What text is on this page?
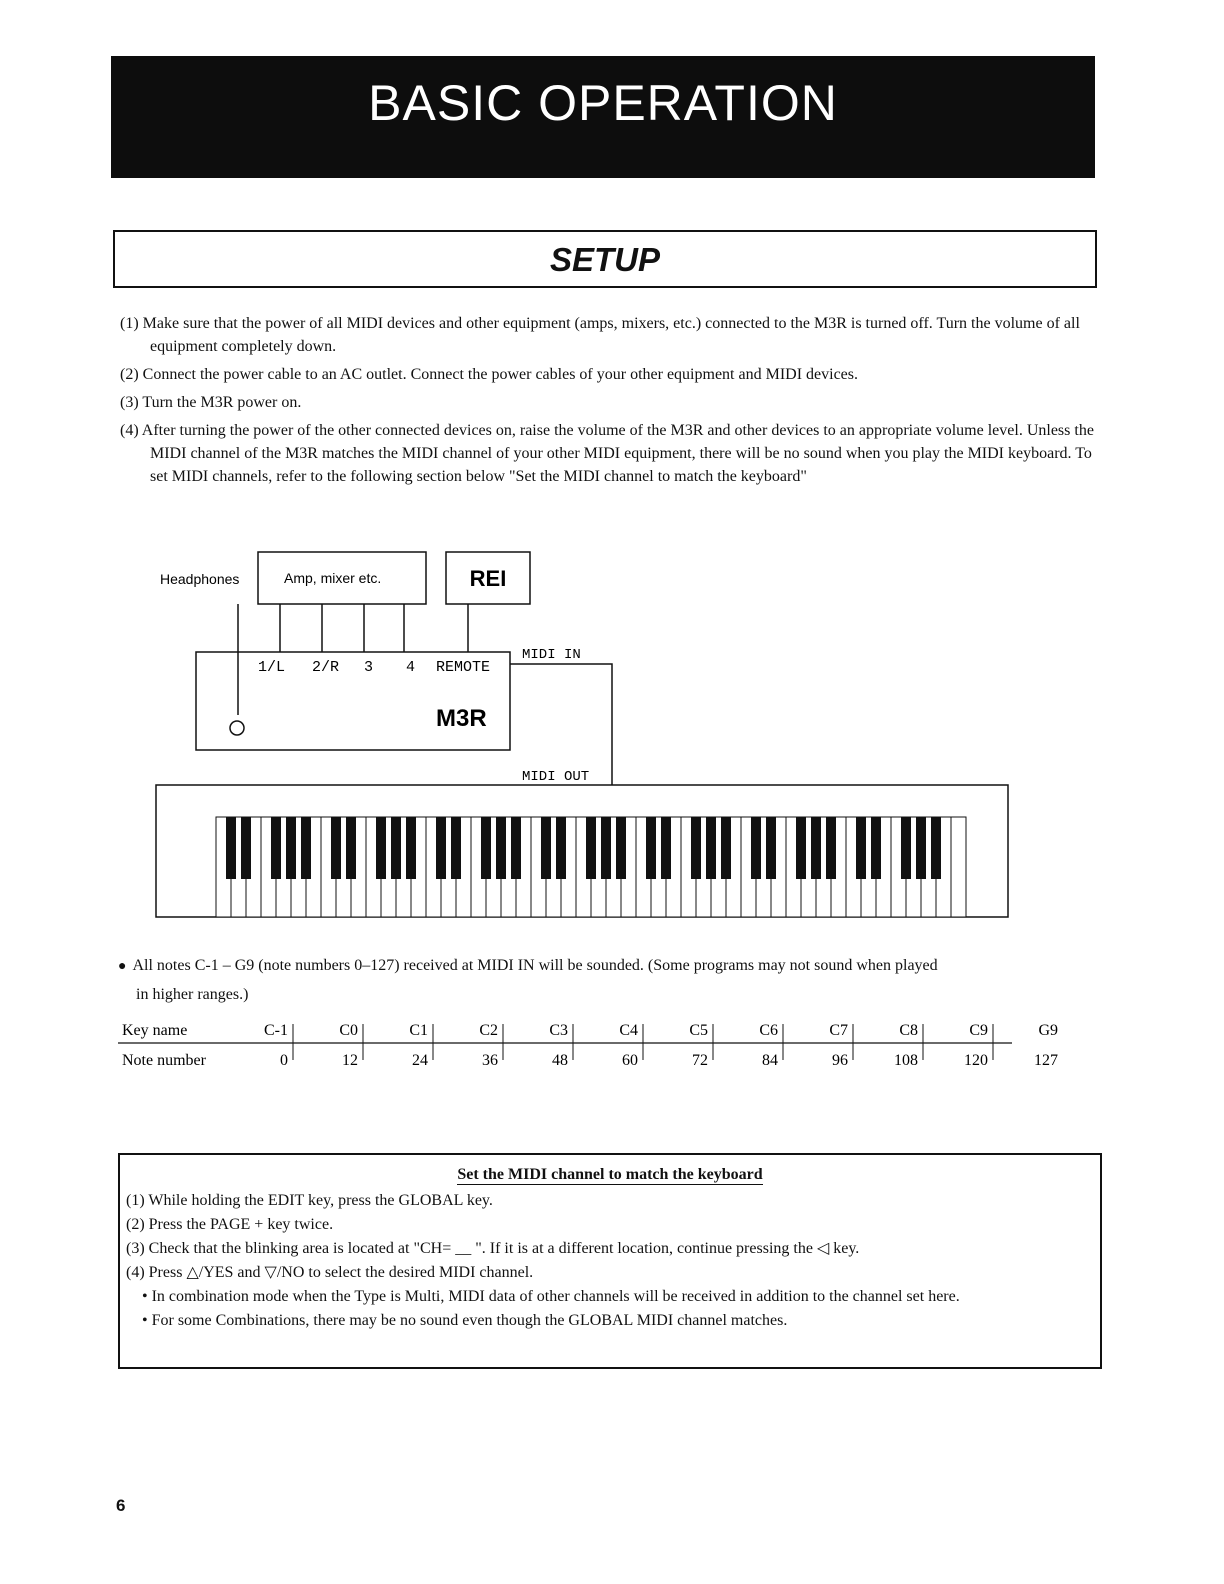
BASIC OPERATION
SETUP
(1) Make sure that the power of all MIDI devices and other equipment (amps, mixers, etc.) connected to the M3R is turned off. Turn the volume of all equipment completely down.
(2) Connect the power cable to an AC outlet. Connect the power cables of your other equipment and MIDI devices.
(3) Turn the M3R power on.
(4) After turning the power of the other connected devices on, raise the volume of the M3R and other devices to an appropriate volume level. Unless the MIDI channel of the M3R matches the MIDI channel of your other MIDI equipment, there will be no sound when you play the MIDI keyboard. To set MIDI channels, refer to the following section below "Set the MIDI channel to match the keyboard"
Headphones	Amp, mixer etc.	REI
1/L 2/R 3 4 REMOTE
M3R
MIDI IN
MIDI OUT
● All notes C-1 – G9 (note numbers 0–127) received at MIDI IN will be sounded. (Some programs may not sound when played
in higher ranges.)
Key name
Note number
C-1
0
C0
12
C1
24
C2
36
C3
48
C4
60
C5
72
C6
84
C7
96
C8
108
C9
120
G9
127
Set the MIDI channel to match the keyboard
(1) While holding the EDIT key, press the GLOBAL key.
(2) Press the PAGE + key twice.
(3) Check that the blinking area is located at "CH= __ ". If it is at a different location, continue pressing the ◁ key.
(4) Press △/YES and ▽/NO to select the desired MIDI channel.
• In combination mode when the Type is Multi, MIDI data of other channels will be received in addition to the channel set here.
• For some Combinations, there may be no sound even though the GLOBAL MIDI channel matches.
6
